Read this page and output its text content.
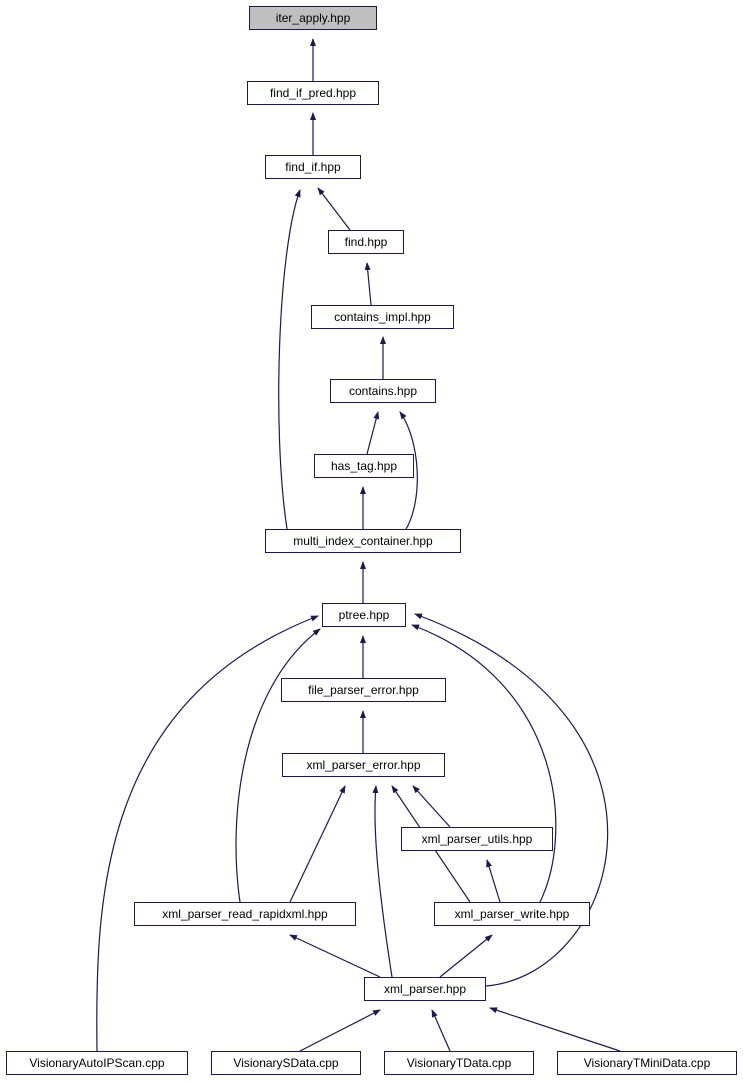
iter_apply.hpp
find_if_pred.hpp
find_if.hpp
find.hpp
contains_impl.hpp
contains.hpp
has_tag.hpp
multi_index_container.hpp
ptree.hpp
file_parser_error.hpp
xml_parser_error.hpp
xml_parser_utils.hpp
xml_parser_read_rapidxml.hpp	xml_parser_write.hpp
xml_parser.hpp
VisionaryAutoIPScan.cpp	VisionarySData.cpp	VisionaryTData.cpp	VisionaryTMiniData.cpp
